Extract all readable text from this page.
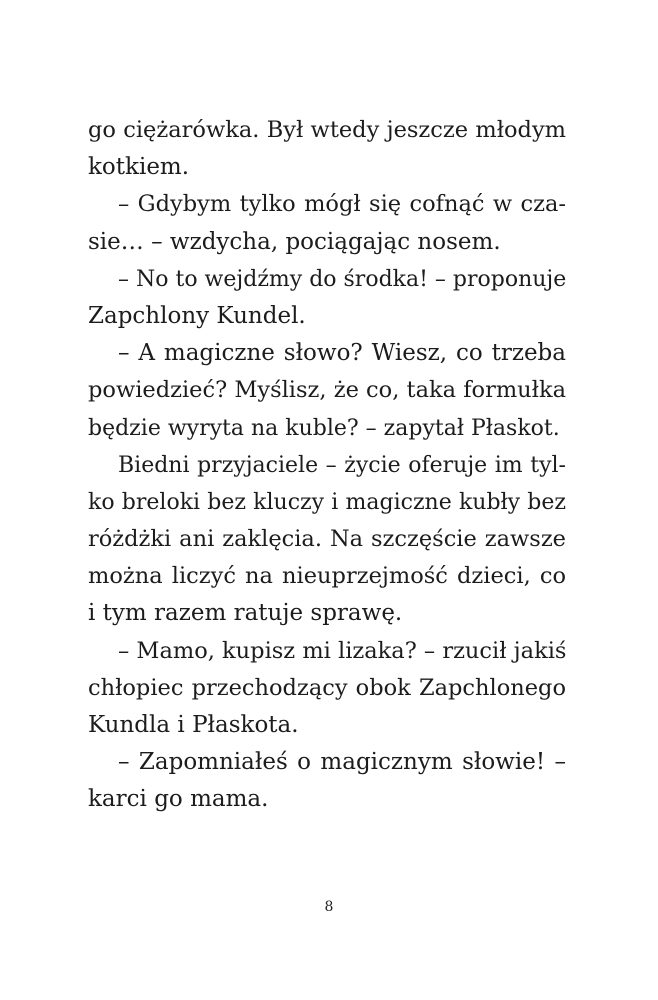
go ciężarówka. Był wtedy jeszcze młodym
kotkiem.
– Gdybym tylko mógł się cofnąć w cza-
sie… – wzdycha, pociągając nosem.
– No to wejdźmy do środka! – proponuje
Zapchlony Kundel.
– A magiczne słowo? Wiesz, co trzeba
powiedzieć? Myślisz, że co, taka formułka
będzie wyryta na kuble? – zapytał Płaskot.
Biedni przyjaciele – życie oferuje im tyl-
ko breloki bez kluczy i magiczne kubły bez
różdżki ani zaklęcia. Na szczęście zawsze
można liczyć na nieuprzejmość dzieci, co
i tym razem ratuje sprawę.
– Mamo, kupisz mi lizaka? – rzucił jakiś
chłopiec przechodzący obok Zapchlonego
Kundla i Płaskota.
– Zapomniałeś o magicznym słowie! –
karci go mama.
8
